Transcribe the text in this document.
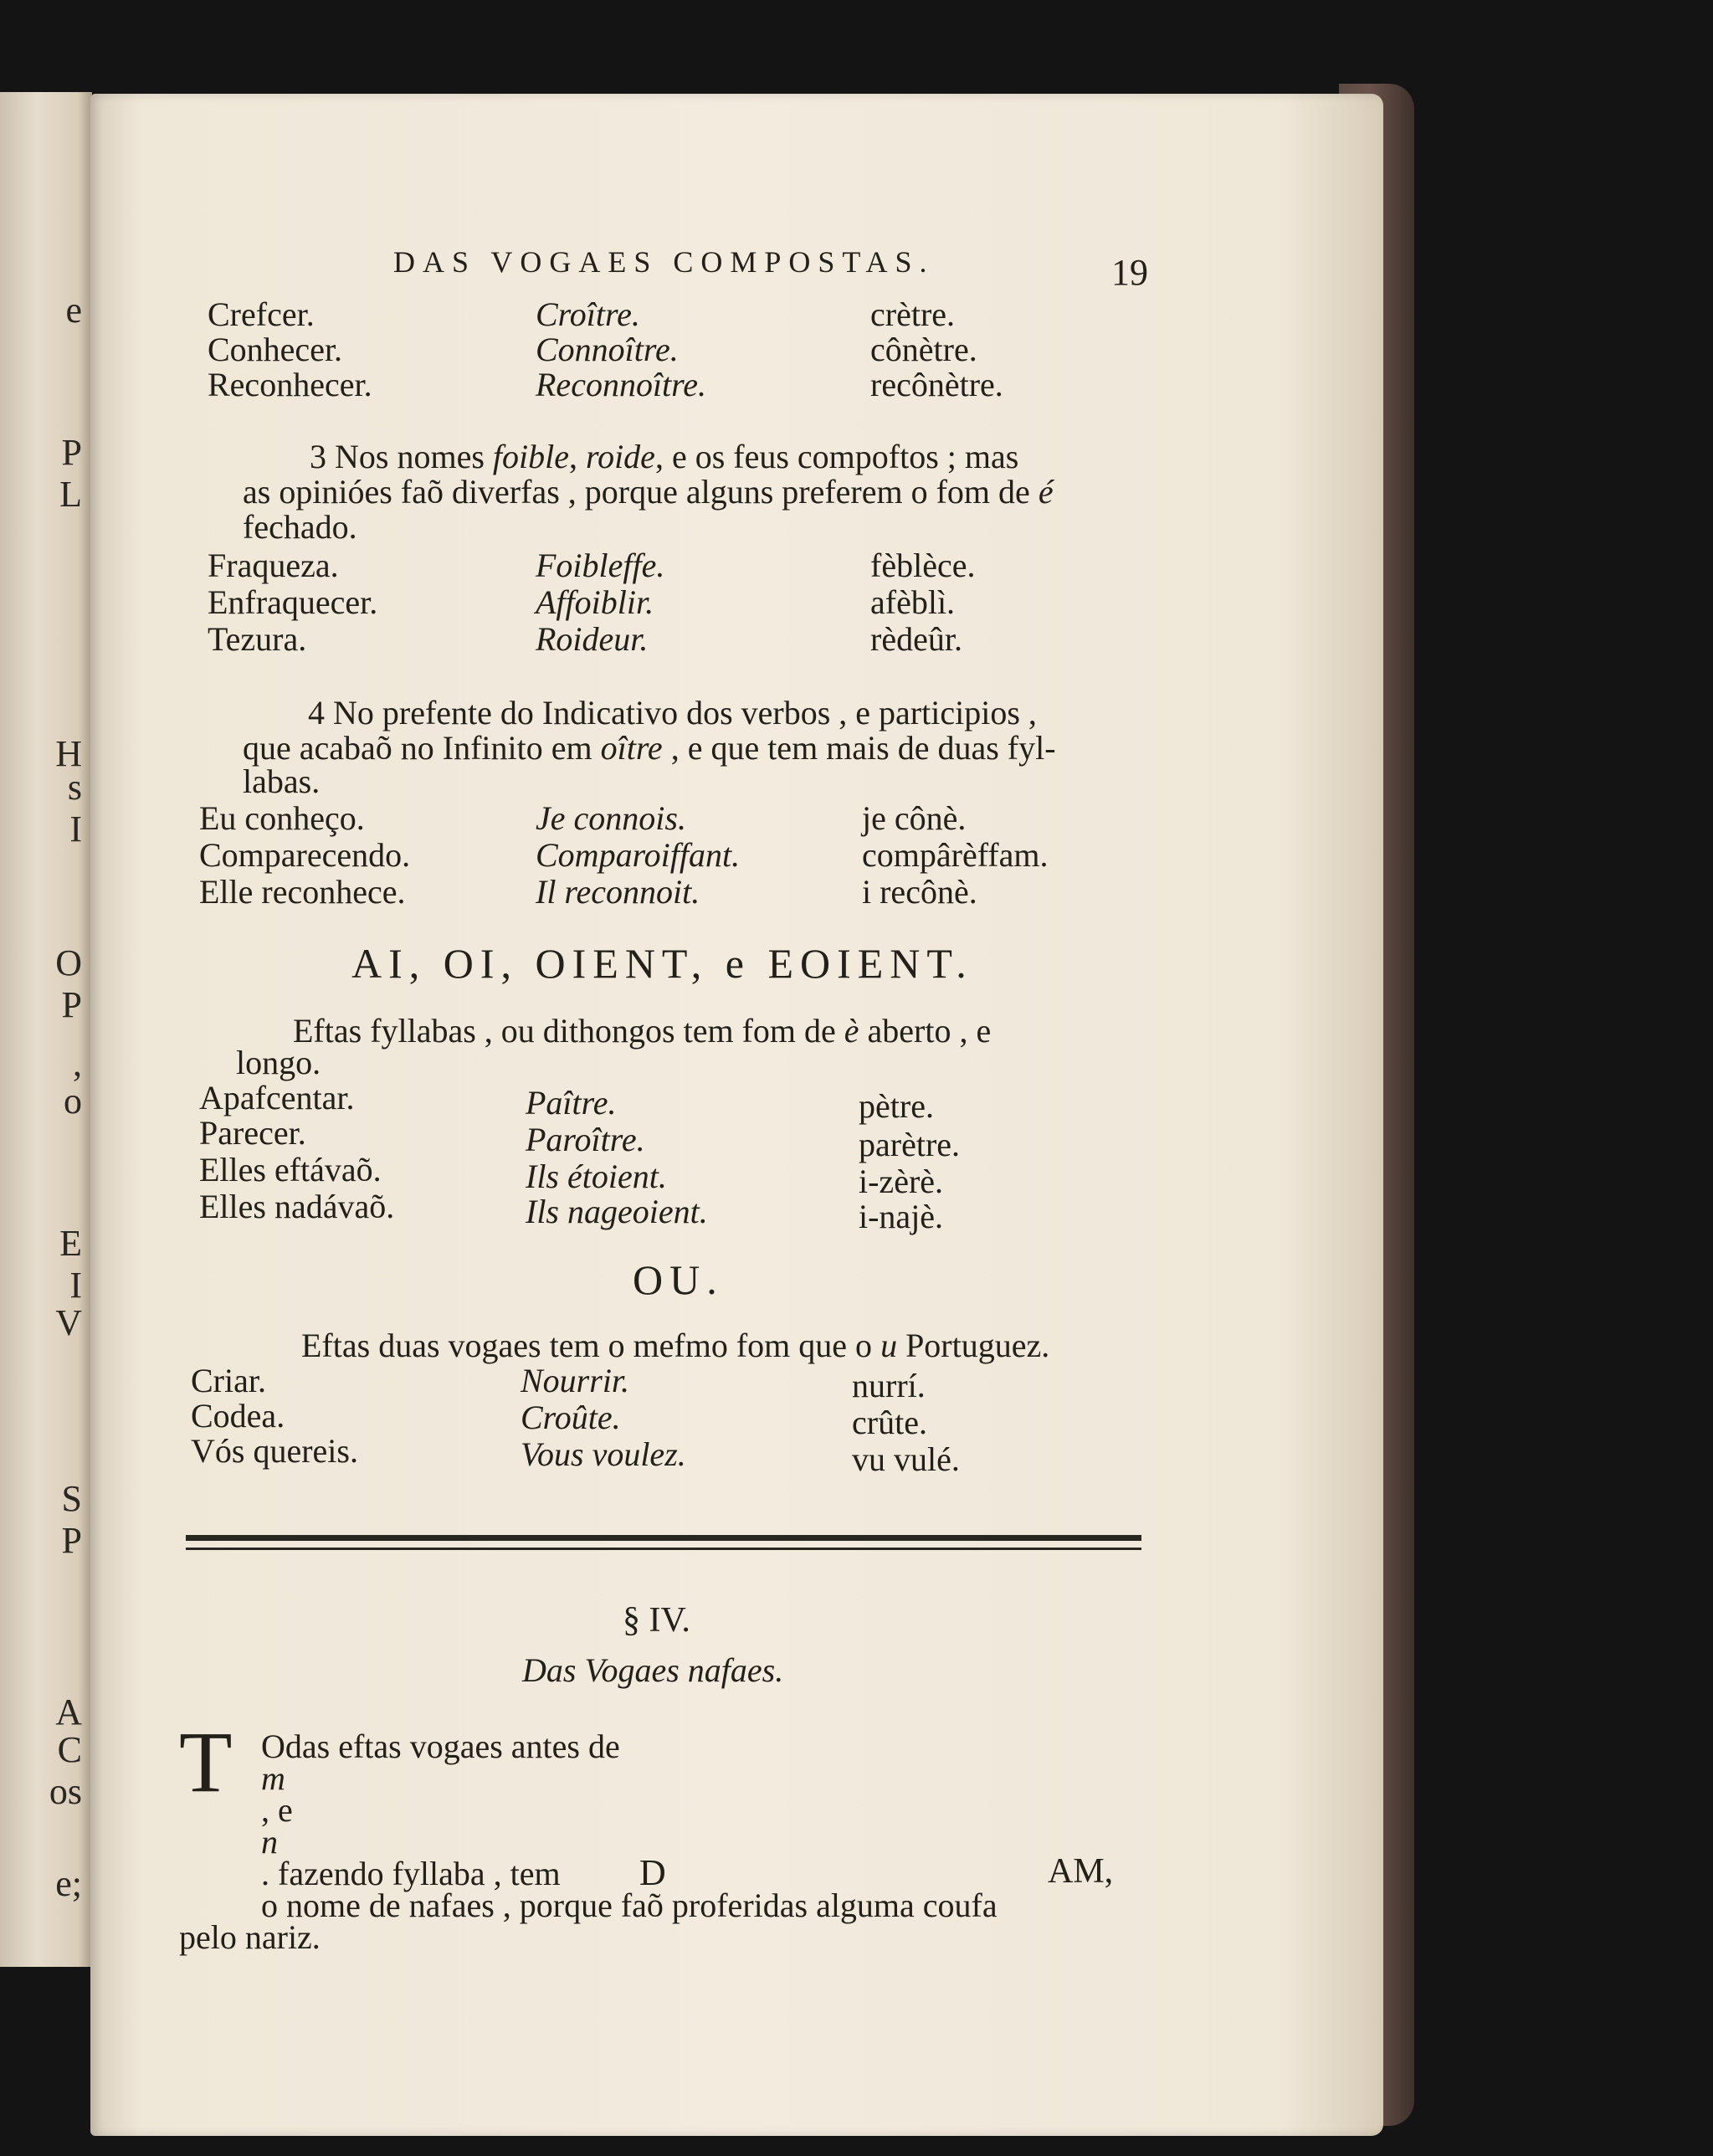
e
P
L
H
s
I
O
P
,
o
E
I
V
S
P
A
C
os
e;
DAS VOGAES COMPOSTAS.	19
Crefcer.	Croître.	crètre.
Conhecer.	Connoître.	cônètre.
Reconhecer.	Reconnoître.	recônètre.
3 Nos nomes foible, roide, e os feus compoftos ; mas
as opinióes faõ diverfas , porque alguns preferem o fom de é
fechado.
Fraqueza.	Foibleffe.	fèblèce.
Enfraquecer.	Affoiblir.	afèblì.
Tezura.	Roideur.	rèdeûr.
4 No prefente do Indicativo dos verbos , e participios ,
que acabaõ no Infinito em oître , e que tem mais de duas fyl-
labas.
Eu conheço.	Je connois.	je cônè.
Comparecendo.	Comparoiffant.	compârèffam.
Elle reconhece.	Il reconnoit.	i recônè.
AI, OI, OIENT, e EOIENT.
Eftas fyllabas , ou dithongos tem fom de è aberto , e
longo.
Apafcentar.	Paître.	pètre.
Parecer.	Paroître.	parètre.
Elles eftávaõ.	Ils étoient.	i-zèrè.
Elles nadávaõ.	Ils nageoient.	i-najè.
OU.
Eftas duas vogaes tem o mefmo fom que o u Portuguez.
Criar.	Nourrir.	nurrí.
Codea.	Croûte.	crûte.
Vós quereis.	Vous voulez.	vu vulé.
§ IV.
Das Vogaes nafaes.
T Odas eftas vogaes antes de
m
, e
n
. fazendo fyllaba , tem
o nome de nafaes , porque faõ proferidas alguma coufa
pelo nariz.
D	AM,
